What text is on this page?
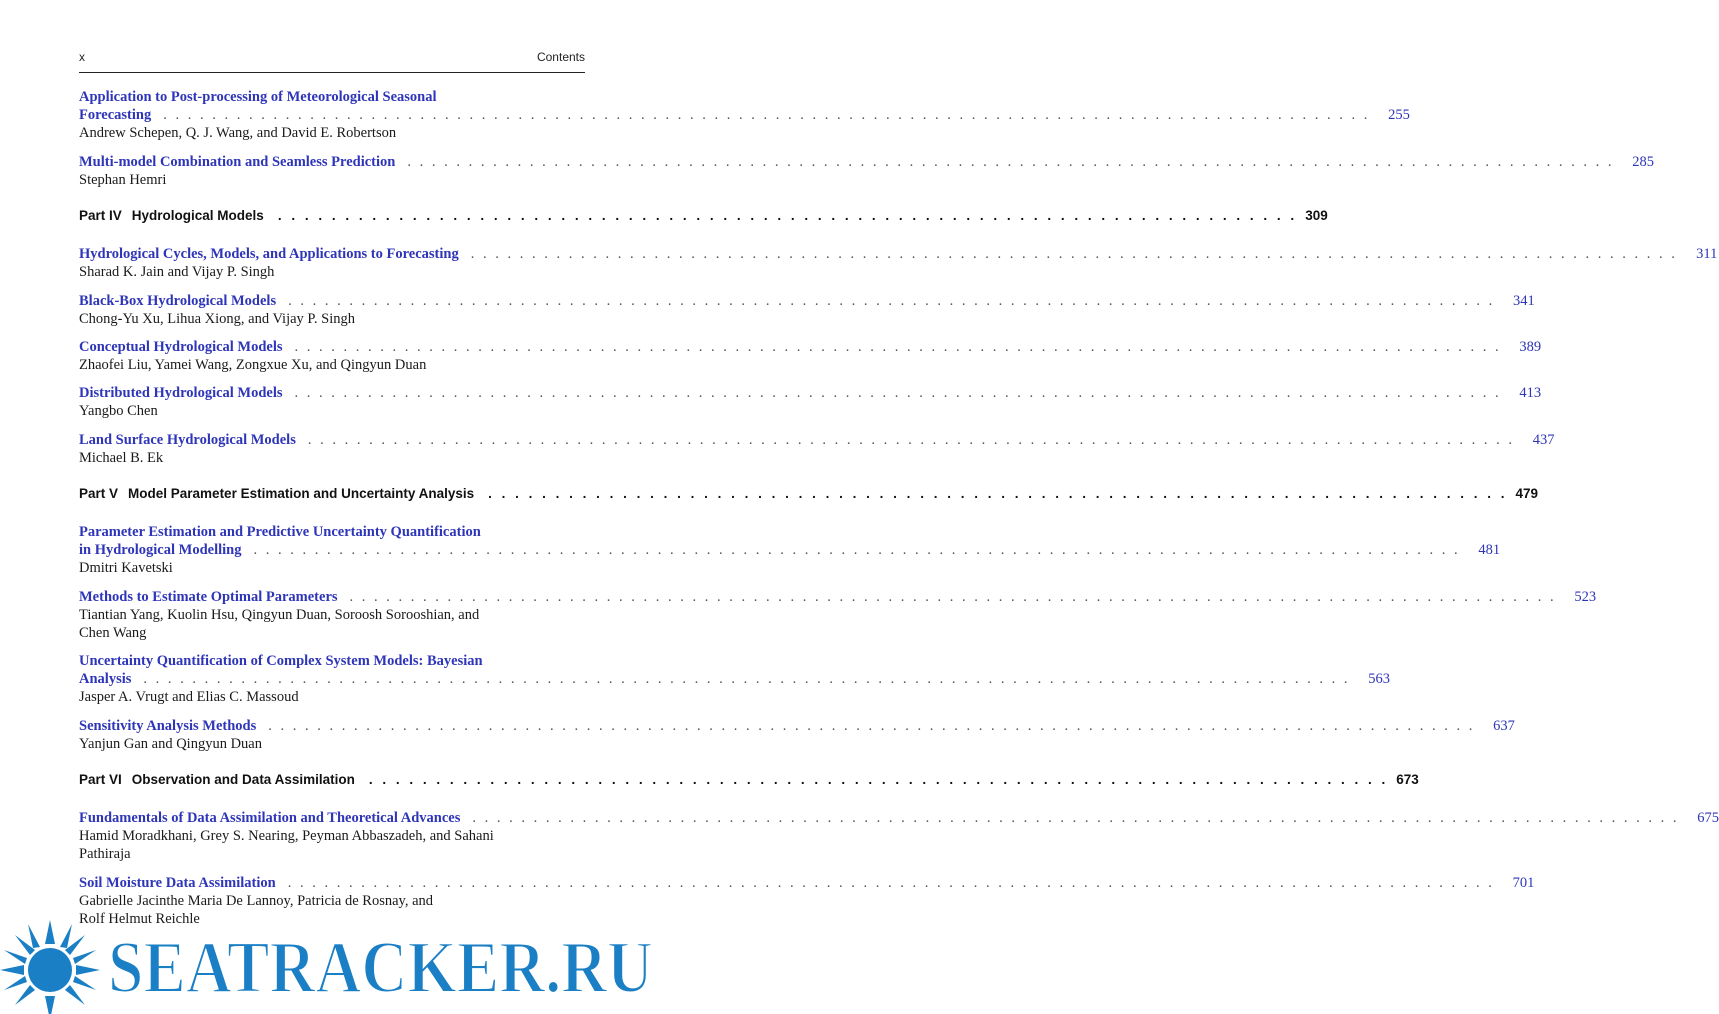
x	Contents
Application to Post-processing of Meteorological Seasonal
Forecasting . . .	255
Andrew Schepen, Q. J. Wang, and David E. Robertson
Multi-model Combination and Seamless Prediction . . .	285
Stephan Hemri
Part IV Hydrological Models . . .	309
Hydrological Cycles, Models, and Applications to Forecasting . . .	311
Sharad K. Jain and Vijay P. Singh
Black-Box Hydrological Models . . .	341
Chong-Yu Xu, Lihua Xiong, and Vijay P. Singh
Conceptual Hydrological Models . . .	389
Zhaofei Liu, Yamei Wang, Zongxue Xu, and Qingyun Duan
Distributed Hydrological Models . . .	413
Yangbo Chen
Land Surface Hydrological Models . . .	437
Michael B. Ek
Part V Model Parameter Estimation and Uncertainty Analysis . . .	479
Parameter Estimation and Predictive Uncertainty Quantification
in Hydrological Modelling . . .	481
Dmitri Kavetski
Methods to Estimate Optimal Parameters . . .	523
Tiantian Yang, Kuolin Hsu, Qingyun Duan, Soroosh Sorooshian, and
Chen Wang
Uncertainty Quantification of Complex System Models: Bayesian
Analysis . . .	563
Jasper A. Vrugt and Elias C. Massoud
Sensitivity Analysis Methods . . .	637
Yanjun Gan and Qingyun Duan
Part VI Observation and Data Assimilation . . .	673
Fundamentals of Data Assimilation and Theoretical Advances . . .	675
Hamid Moradkhani, Grey S. Nearing, Peyman Abbaszadeh, and Sahani
Pathiraja
Soil Moisture Data Assimilation . . .	701
Gabrielle Jacinthe Maria De Lannoy, Patricia de Rosnay, and
Rolf Helmut Reichle
SEATRACKER.RU
